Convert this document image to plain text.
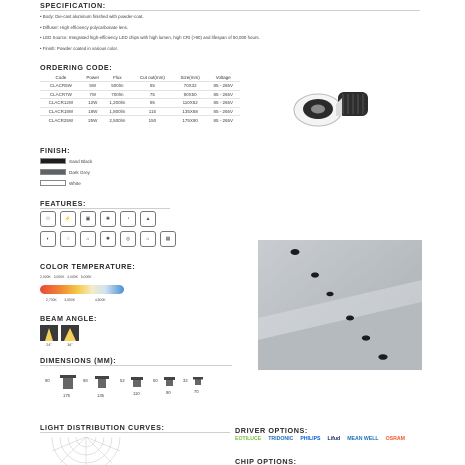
SPECIFICATION:
• Body: Die-cast aluminum finished with powder-coat.
• Diffuser: High efficiency polycarbonate lens.
• LED Source: Integrated high-efficiency LED chips with high lumen, high CRI (>90) and lifespan of 50,000 hours.
• Finish: Powder coated in various color.
ORDERING CODE:
Code	Power	Flux	Cut out(mm)	Size(mm)	Voltage
CLACR5W	5W	500lm	55	70X32	85 - 265V
CLACR7W	7W	700lm	75	90X50	85 - 265V
CLACR12W	12W	1,200lm	95	110X52	85 - 265V
CLACR18W	18W	1,800lm	115	135X68	85 - 265V
CLACR25W	25W	2,500lm	150	175X90	85 - 265V
FINISH:
Sand Black
Dark Grey
White
FEATURES:
☉	⚡	▣	✺	◔	▲
◐	♢	⌂	✹	◎	⌂	▦
COLOR TEMPERATURE:
2,000K 3,000K 4,000K 5,000K
2,700K 3,500K	4,500K
BEAM ANGLE:
24°	36°
DIMENSIONS (MM):
90
175
68
135
52
110
50
90
32
70
LIGHT DISTRIBUTION CURVES:	DRIVER OPTIONS:
EOTILUCE TRIDONIC PHILIPS Lifud MEAN WELL OSRAM
CHIP OPTIONS:
